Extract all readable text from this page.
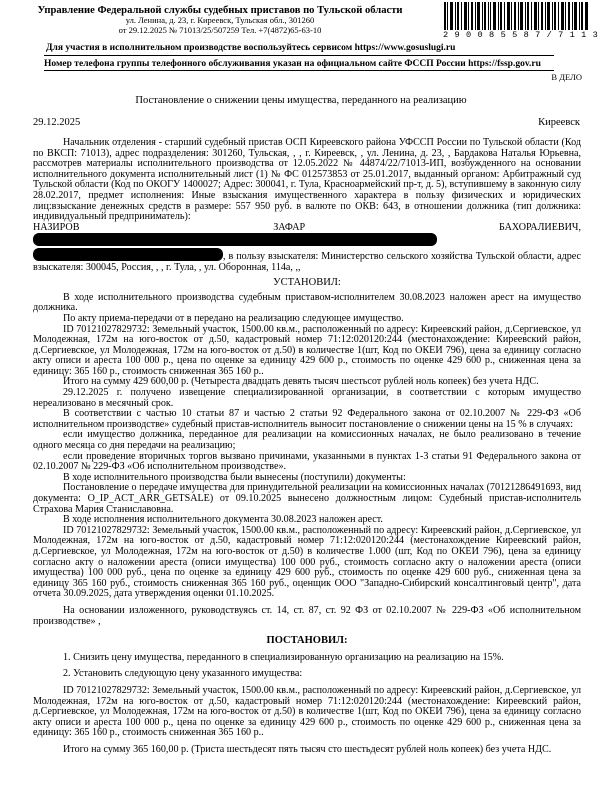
Управление Федеральной службы судебных приставов по Тульской области
ул. Ленина, д. 23, г. Киреевск, Тульская обл., 301260
от 29.12.2025 № 71013/25/507259 Тел. +7(4872)65-63-10
2 9 0 0 8 5 5 8 7 / 7 1 1 3
Для участия в исполнительном производстве воспользуйтесь сервисом https://www.gosuslugi.ru
Номер телефона группы телефонного обслуживания указан на официальном сайте ФССП России https://fssp.gov.ru
В ДЕЛО
Постановление о снижении цены имущества, переданного на реализацию
29.12.2025	Киреевск

Начальник отделения - старший судебный пристав ОСП Киреевского района УФССП России по Тульской области (Код по ВКСП: 71013), адрес подразделения: 301260, Тульская, , , г. Киреевск, , ул. Ленина, д. 23, , Бардакова Наталья Юрьевна, рассмотрев материалы исполнительного производства от 12.05.2022 № 44874/22/71013-ИП, возбужденного на основании исполнительного документа исполнительный лист (1) № ФС 012573853 от 25.01.2017, выданный органом: Арбитражный суд Тульской области (Код по ОКОГУ 1400027; Адрес: 300041, г. Тула, Красноармейский пр-т, д. 5), вступившему в законную силу 28.02.2017, предмет исполнения: Иные взыскания имущественного характера в пользу физических и юридических лиц:взыскание денежных средств в размере: 557 950 руб. в валюте по ОКВ: 643, в отношении должника (тип должника: индивидуальный предприниматель):

НАЗИРОВ ЗАФАР БАХОРАЛИЕВИЧ,

, в пользу взыскателя: Министерство сельского хозяйства Тульской области, адрес взыскателя: 300045, Россия, , , г. Тула, , ул. Оборонная, 114а, ,,

УСТАНОВИЛ:

В ходе исполнительного производства судебным приставом-исполнителем 30.08.2023 наложен арест на имущество должника.

По акту приема-передачи от в передано на реализацию следующее имущество.

ID 70121027829732: Земельный участок, 1500.00 кв.м., расположенный по адресу: Киреевский район, д.Сергиевское, ул Молодежная, 172м на юго-восток от д.50, кадастровый номер 71:12:020120:244 (местонахождение: Киреевский район, д.Сергиевское, ул Молодежная, 172м на юго-восток от д.50) в количестве 1(шт, Код по ОКЕИ 796), цена за единицу согласно акту описи и ареста 100 000 р., цена по оценке за единицу 429 600 р., стоимость по оценке 429 600 р., сниженная цена за единицу: 365 160 р., стоимость сниженная 365 160 р..

Итого на сумму 429 600,00 р. (Четыреста двадцать девять тысяч шестьсот рублей ноль копеек) без учета НДС.

29.12.2025 г. получено извещение специализированной организации, в соответствии с которым имущество нереализовано в месячный срок.

В соответствии с частью 10 статьи 87 и частью 2 статьи 92 Федерального закона от 02.10.2007 № 229-ФЗ «Об исполнительном производстве» судебный пристав-исполнитель выносит постановление о снижении цены на 15 % в случаях:

если имущество должника, переданное для реализации на комиссионных началах, не было реализовано в течение одного месяца со дня передачи на реализацию;

если проведение вторичных торгов вызвано причинами, указанными в пунктах 1-3 статьи 91 Федерального закона от 02.10.2007 № 229-ФЗ «Об исполнительном производстве».

В ходе исполнительного производства были вынесены (поступили) документы:

Постановление о передаче имущества для принудительной реализации на комиссионных началах (70121286491693, вид документа: O_IP_ACT_ARR_GETSALE) от 09.10.2025 вынесено должностным лицом: Судебный пристав-исполнитель Страхова Мария Станиславовна.

В ходе исполнения исполнительного документа 30.08.2023 наложен арест.

ID 70121027829732: Земельный участок, 1500.00 кв.м., расположенный по адресу: Киреевский район, д.Сергиевское, ул Молодежная, 172м на юго-восток от д.50, кадастровый номер 71:12:020120:244 (местонахождение Киреевский район, д.Сергиевское, ул Молодежная, 172м на юго-восток от д.50) в количестве 1.000 (шт, Код по ОКЕИ 796), цена за единицу согласно акту о наложении ареста (описи имущества) 100 000 руб., стоимость согласно акту о наложении ареста (описи имущества) 100 000 руб., цена по оценке за единицу 429 600 руб., стоимость по оценке 429 600 руб., сниженная цена за единицу 365 160 руб., стоимость сниженная 365 160 руб., оценщик ООО "Западно-Сибирский консалтинговый центр", дата отчета 30.09.2025, дата утверждения оценки 01.10.2025.

На основании изложенного, руководствуясь ст. 14, ст. 87, ст. 92 ФЗ от 02.10.2007 № 229-ФЗ «Об исполнительном производстве» ,

ПОСТАНОВИЛ:

1. Снизить цену имущества, переданного в специализированную организацию на реализацию на 15%.

2. Установить следующую цену указанного имущества:

ID 70121027829732: Земельный участок, 1500.00 кв.м., расположенный по адресу: Киреевский район, д.Сергиевское, ул Молодежная, 172м на юго-восток от д.50, кадастровый номер 71:12:020120:244 (местонахождение: Киреевский район, д.Сергиевское, ул Молодежная, 172м на юго-восток от д.50) в количестве 1(шт, Код по ОКЕИ 796), цена за единицу согласно акту описи и ареста 100 000 р., цена по оценке за единицу 429 600 р., стоимость по оценке 429 600 р., сниженная цена за единицу: 365 160 р., стоимость сниженная 365 160 р..

Итого на сумму 365 160,00 р. (Триста шестьдесят пять тысяч сто шестьдесят рублей ноль копеек) без учета НДС.
